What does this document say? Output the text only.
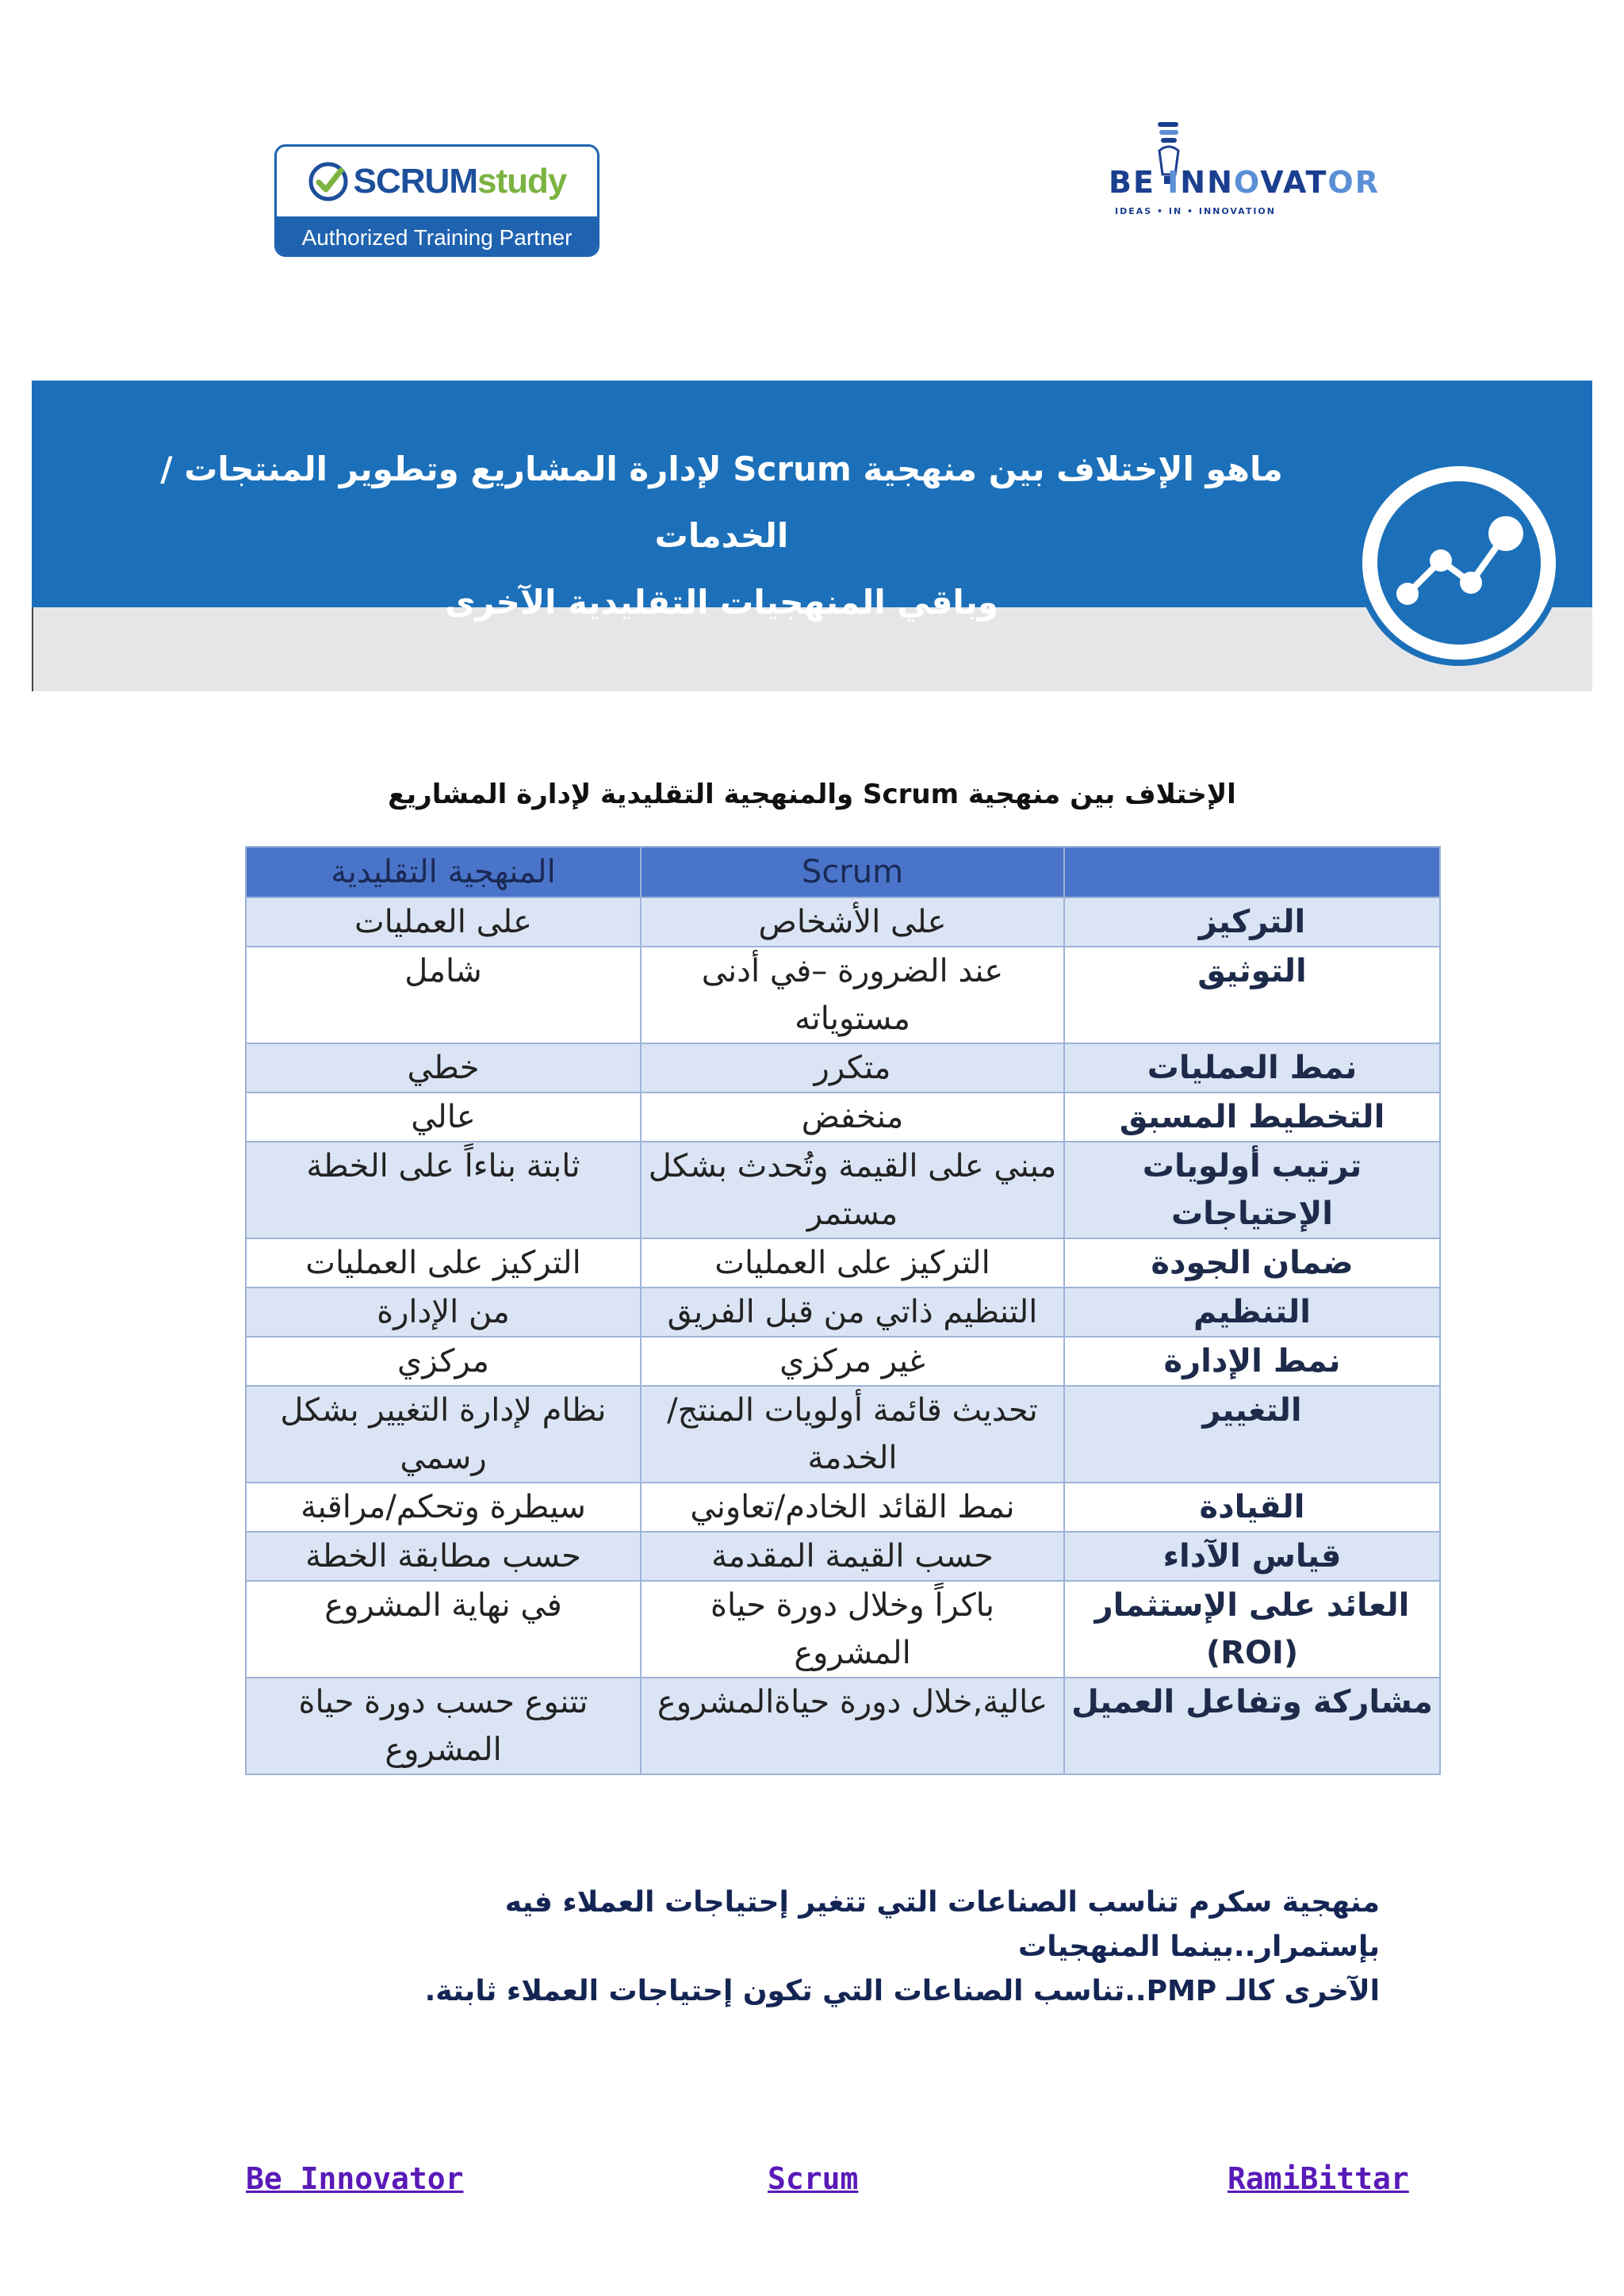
SCRUMstudy
Authorized Training Partner
BE INNOVATOR
IDEAS • IN • INNOVATION
ماهو الإختلاف بين منهجية Scrum لإدارة المشاريع وتطوير المنتجات /الخدمات
وباقي المنهجيات التقليدية الآخرى
الإختلاف بين منهجية Scrum والمنهجية التقليدية لإدارة المشاريع
	Scrum	المنهجية التقليدية
التركيز	على الأشخاص	على العمليات
التوثيق	عند الضرورة –في أدنى مستوياته	شامل
نمط العمليات	متكرر	خطي
التخطيط المسبق	منخفض	عالي
ترتيب أولويات الإحتياجات	مبني على القيمة وتُحدث بشكل مستمر	ثابتة بناءاً على الخطة
ضمان الجودة	التركيز على العمليات	التركيز على العمليات
التنظيم	التنظيم ذاتي من قبل الفريق	من الإدارة
نمط الإدارة	غير مركزي	مركزي
التغيير	تحديث قائمة أولويات المنتج/الخدمة	نظام لإدارة التغيير بشكل رسمي
القيادة	نمط القائد الخادم/تعاوني	سيطرة وتحكم/مراقبة
قياس الآداء	حسب القيمة المقدمة	حسب مطابقة الخطة
العائد على الإستثمار (ROI)	باكراً وخلال دورة حياة المشروع	في نهاية المشروع
مشاركة وتفاعل العميل	عالية,خلال دورة حياةالمشروع	تتنوع حسب دورة حياة المشروع
منهجية سكرم تناسب الصناعات التي تتغير إحتياجات العملاء فيه بإستمرار..بينما المنهجيات
الآخرى كالـ PMP..تناسب الصناعات التي تكون إحتياجات العملاء ثابتة.
Be Innovator	Scrum	RamiBittar
